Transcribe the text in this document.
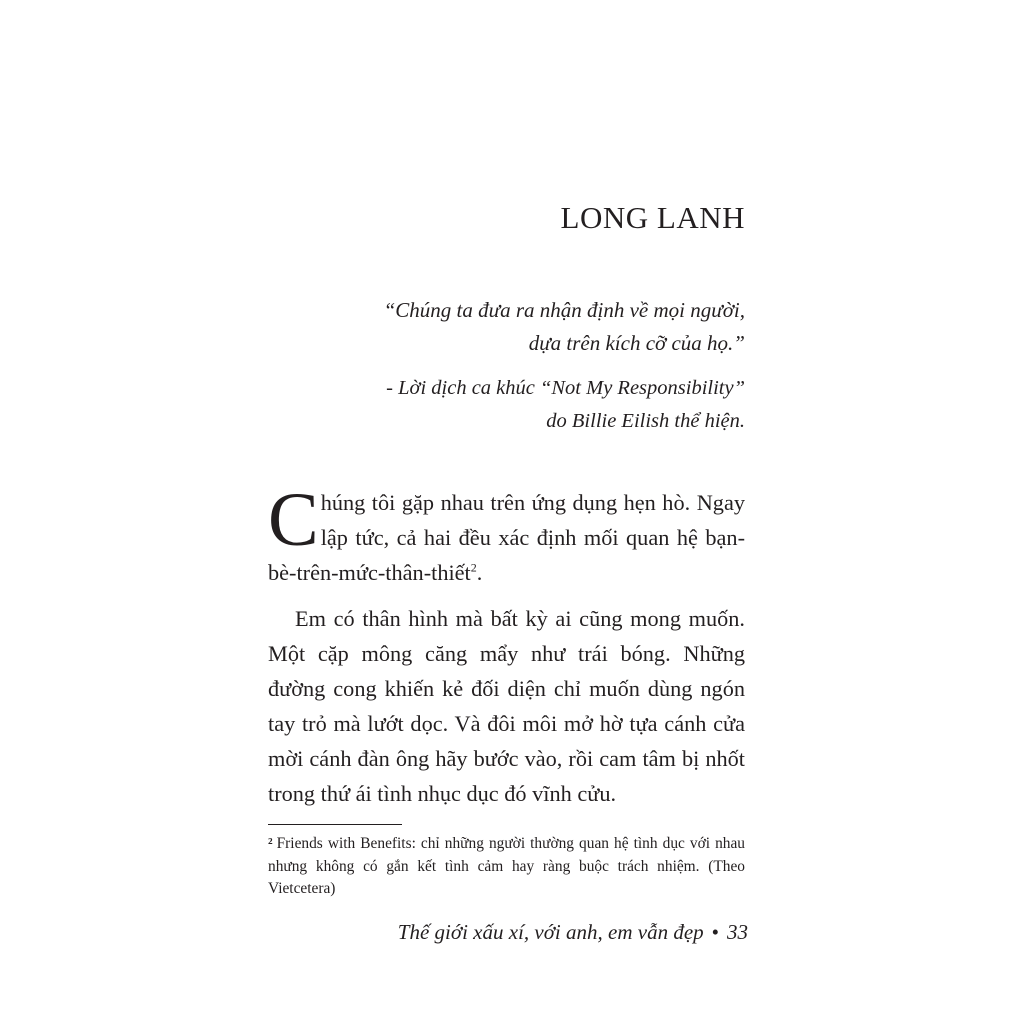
LONG LANH
“Chúng ta đưa ra nhận định về mọi người,
dựa trên kích cỡ của họ.”
- Lời dịch ca khúc “Not My Responsibility”
do Billie Eilish thể hiện.

Chúng tôi gặp nhau trên ứng dụng hẹn hò. Ngay lập tức, cả hai đều xác định mối quan hệ bạn-bè-trên-mức-thân-thiết$^2$.

Em có thân hình mà bất kỳ ai cũng mong muốn. Một cặp mông căng mẩy như trái bóng. Những đường cong khiến kẻ đối diện chỉ muốn dùng ngón tay trỏ mà lướt dọc. Và đôi môi mở hờ tựa cánh cửa mời cánh đàn ông hãy bước vào, rồi cam tâm bị nhốt trong thứ ái tình nhục dục đó vĩnh cửu.

² Friends with Benefits: chỉ những người thường quan hệ tình dục với nhau nhưng không có gắn kết tình cảm hay ràng buộc trách nhiệm. (Theo Vietcetera)
Thế giới xấu xí, với anh, em vẫn đẹp • 33
